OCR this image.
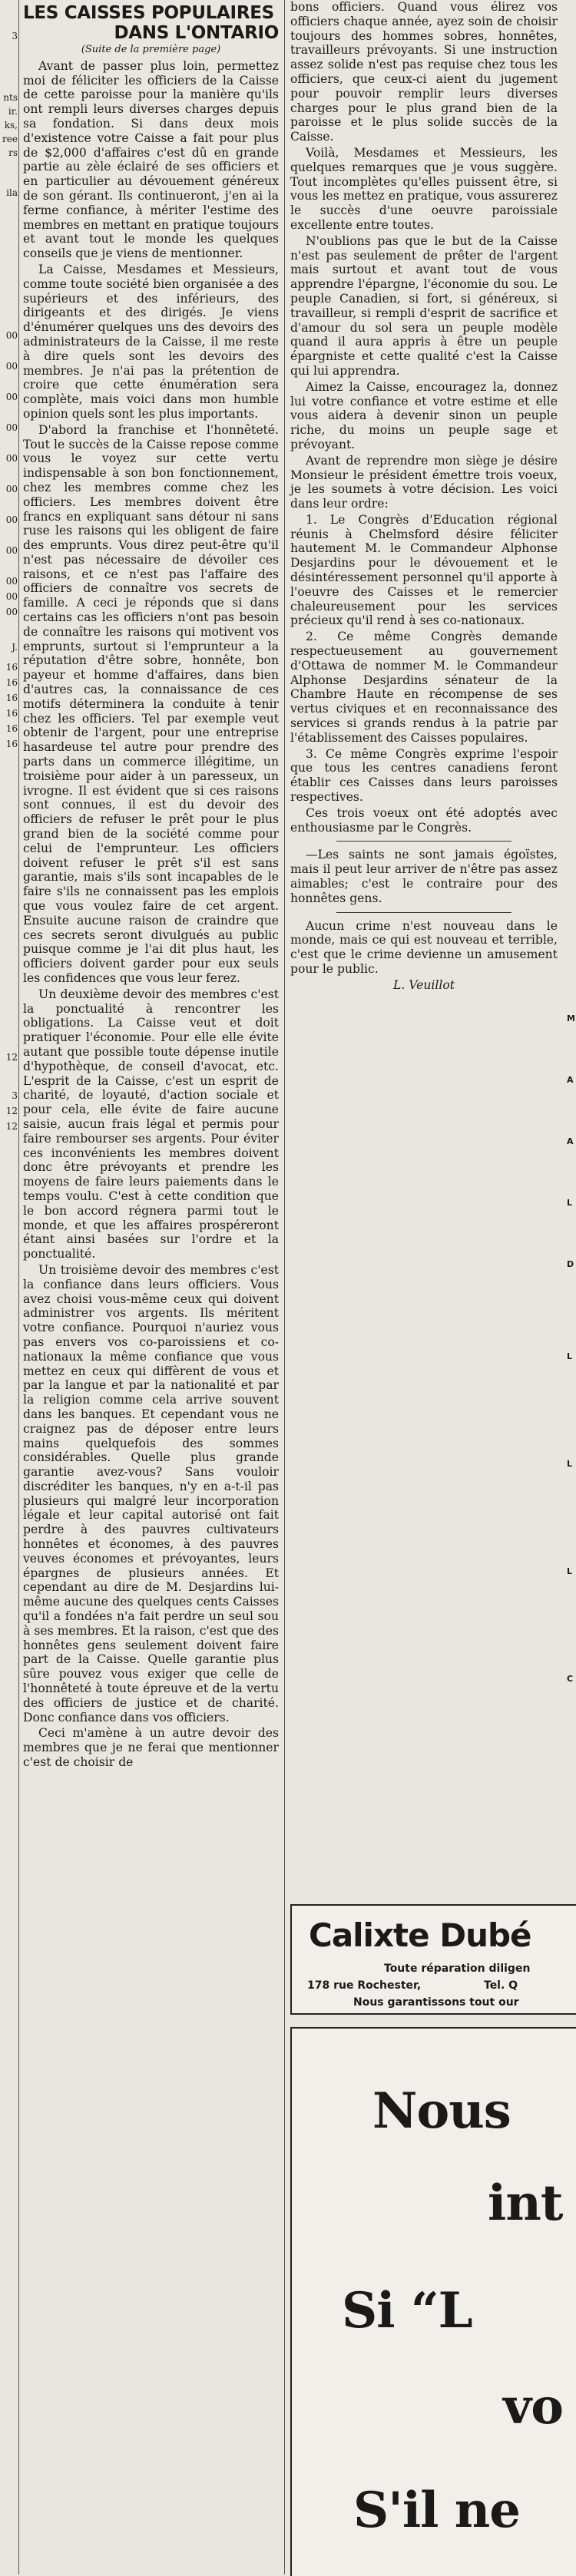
3
nts
ir.
ks,
ree
rs
ila
00
00
00
00
00
00
00
00
00
00
00
J.
16
16
16
16
16
16
12
3
12
12
LES CAISSES POPULAIRES
DANS L'ONTARIO

(Suite de la première page)

Avant de passer plus loin, permettez moi de féliciter les officiers de la Caisse de cette paroisse pour la manière qu'ils ont rempli leurs diverses charges depuis sa fondation. Si dans deux mois d'existence votre Caisse a fait pour plus de $2,000 d'affaires c'est dû en grande partie au zèle éclairé de ses officiers et en particulier au dévouement généreux de son gérant. Ils continueront, j'en ai la ferme confiance, à mériter l'estime des membres en mettant en pratique toujours et avant tout le monde les quelques conseils que je viens de mentionner.

La Caisse, Mesdames et Messieurs, comme toute société bien organisée a des supérieurs et des inférieurs, des dirigeants et des dirigés. Je viens d'énumérer quelques uns des devoirs des administrateurs de la Caisse, il me reste à dire quels sont les devoirs des membres. Je n'ai pas la prétention de croire que cette énumération sera complète, mais voici dans mon humble opinion quels sont les plus importants.

D'abord la franchise et l'honnêteté. Tout le succès de la Caisse repose comme vous le voyez sur cette vertu indispensable à son bon fonctionnement, chez les membres comme chez les officiers. Les membres doivent être francs en expliquant sans détour ni sans ruse les raisons qui les obligent de faire des emprunts. Vous direz peut-être qu'il n'est pas nécessaire de dévoiler ces raisons, et ce n'est pas l'affaire des officiers de connaître vos secrets de famille. A ceci je réponds que si dans certains cas les officiers n'ont pas besoin de connaître les raisons qui motivent vos emprunts, surtout si l'emprunteur a la réputation d'être sobre, honnête, bon payeur et homme d'affaires, dans bien d'autres cas, la connaissance de ces motifs déterminera la conduite à tenir chez les officiers. Tel par exemple veut obtenir de l'argent, pour une entreprise hasardeuse tel autre pour prendre des parts dans un commerce illégitime, un troisième pour aider à un paresseux, un ivrogne. Il est évident que si ces raisons sont connues, il est du devoir des officiers de refuser le prêt pour le plus grand bien de la société comme pour celui de l'emprunteur. Les officiers doivent refuser le prêt s'il est sans garantie, mais s'ils sont incapables de le faire s'ils ne connaissent pas les emplois que vous voulez faire de cet argent. Ensuite aucune raison de craindre que ces secrets seront divulgués au public puisque comme je l'ai dit plus haut, les officiers doivent garder pour eux seuls les confidences que vous leur ferez.

Un deuxième devoir des membres c'est la ponctualité à rencontrer les obligations. La Caisse veut et doit pratiquer l'économie. Pour elle elle évite autant que possible toute dépense inutile d'hypothèque, de conseil d'avocat, etc. L'esprit de la Caisse, c'est un esprit de charité, de loyauté, d'action sociale et pour cela, elle évite de faire aucune saisie, aucun frais légal et permis pour faire rembourser ses argents. Pour éviter ces inconvénients les membres doivent donc être prévoyants et prendre les moyens de faire leurs paiements dans le temps voulu. C'est à cette condition que le bon accord régnera parmi tout le monde, et que les affaires prospéreront étant ainsi basées sur l'ordre et la ponctualité.

Un troisième devoir des membres c'est la confiance dans leurs officiers. Vous avez choisi vous-même ceux qui doivent administrer vos argents. Ils méritent votre confiance. Pourquoi n'auriez vous pas envers vos co-paroissiens et co-nationaux la même confiance que vous mettez en ceux qui diffèrent de vous et par la langue et par la nationalité et par la religion comme cela arrive souvent dans les banques. Et cependant vous ne craignez pas de déposer entre leurs mains quelquefois des sommes considérables. Quelle plus grande garantie avez-vous? Sans vouloir discréditer les banques, n'y en a-t-il pas plusieurs qui malgré leur incorporation légale et leur capital autorisé ont fait perdre à des pauvres cultivateurs honnêtes et économes, à des pauvres veuves économes et prévoyantes, leurs épargnes de plusieurs années. Et cependant au dire de M. Desjardins lui-même aucune des quelques cents Caisses qu'il a fondées n'a fait perdre un seul sou à ses membres. Et la raison, c'est que des honnêtes gens seulement doivent faire part de la Caisse. Quelle garantie plus sûre pouvez vous exiger que celle de l'honnêteté à toute épreuve et de la vertu des officiers de justice et de charité. Donc confiance dans vos officiers.

Ceci m'amène à un autre devoir des membres que je ne ferai que mentionner c'est de choisir de

bons officiers. Quand vous élirez vos officiers chaque année, ayez soin de choisir toujours des hommes sobres, honnêtes, travailleurs prévoyants. Si une instruction assez solide n'est pas requise chez tous les officiers, que ceux-ci aient du jugement pour pouvoir remplir leurs diverses charges pour le plus grand bien de la paroisse et le plus solide succès de la Caisse.

Voilà, Mesdames et Messieurs, les quelques remarques que je vous suggère. Tout incomplètes qu'elles puissent être, si vous les mettez en pratique, vous assurerez le succès d'une oeuvre paroissiale excellente entre toutes.

N'oublions pas que le but de la Caisse n'est pas seulement de prêter de l'argent mais surtout et avant tout de vous apprendre l'épargne, l'économie du sou. Le peuple Canadien, si fort, si généreux, si travailleur, si rempli d'esprit de sacrifice et d'amour du sol sera un peuple modèle quand il aura appris à être un peuple épargniste et cette qualité c'est la Caisse qui lui apprendra.

Aimez la Caisse, encouragez la, donnez lui votre confiance et votre estime et elle vous aidera à devenir sinon un peuple riche, du moins un peuple sage et prévoyant.

Avant de reprendre mon siège je désire Monsieur le président émettre trois voeux, je les soumets à votre décision. Les voici dans leur ordre:

1. Le Congrès d'Education régional réunis à Chelmsford désire féliciter hautement M. le Commandeur Alphonse Desjardins pour le dévouement et le désintéressement personnel qu'il apporte à l'oeuvre des Caisses et le remercier chaleureusement pour les services précieux qu'il rend à ses co-nationaux.

2. Ce même Congrès demande respectueusement au gouvernement d'Ottawa de nommer M. le Commandeur Alphonse Desjardins sénateur de la Chambre Haute en récompense de ses vertus civiques et en reconnaissance des services si grands rendus à la patrie par l'établissement des Caisses populaires.

3. Ce même Congrès exprime l'espoir que tous les centres canadiens feront établir ces Caisses dans leurs paroisses respectives.

Ces trois voeux ont été adoptés avec enthousiasme par le Congrès.

—Les saints ne sont jamais égoïstes, mais il peut leur arriver de n'être pas assez aimables; c'est le contraire pour des honnêtes gens.

Aucun crime n'est nouveau dans le monde, mais ce qui est nouveau et terrible, c'est que le crime devienne un amusement pour le public.

L. Veuillot

Calixte Dubé
Toute réparation diligen
178 rue Rochester,	Tel. Q
Nous garantissons tout our
Nous
int
Si “L
vo
S'il ne
M
A
A
L
D
L
L
L
C
